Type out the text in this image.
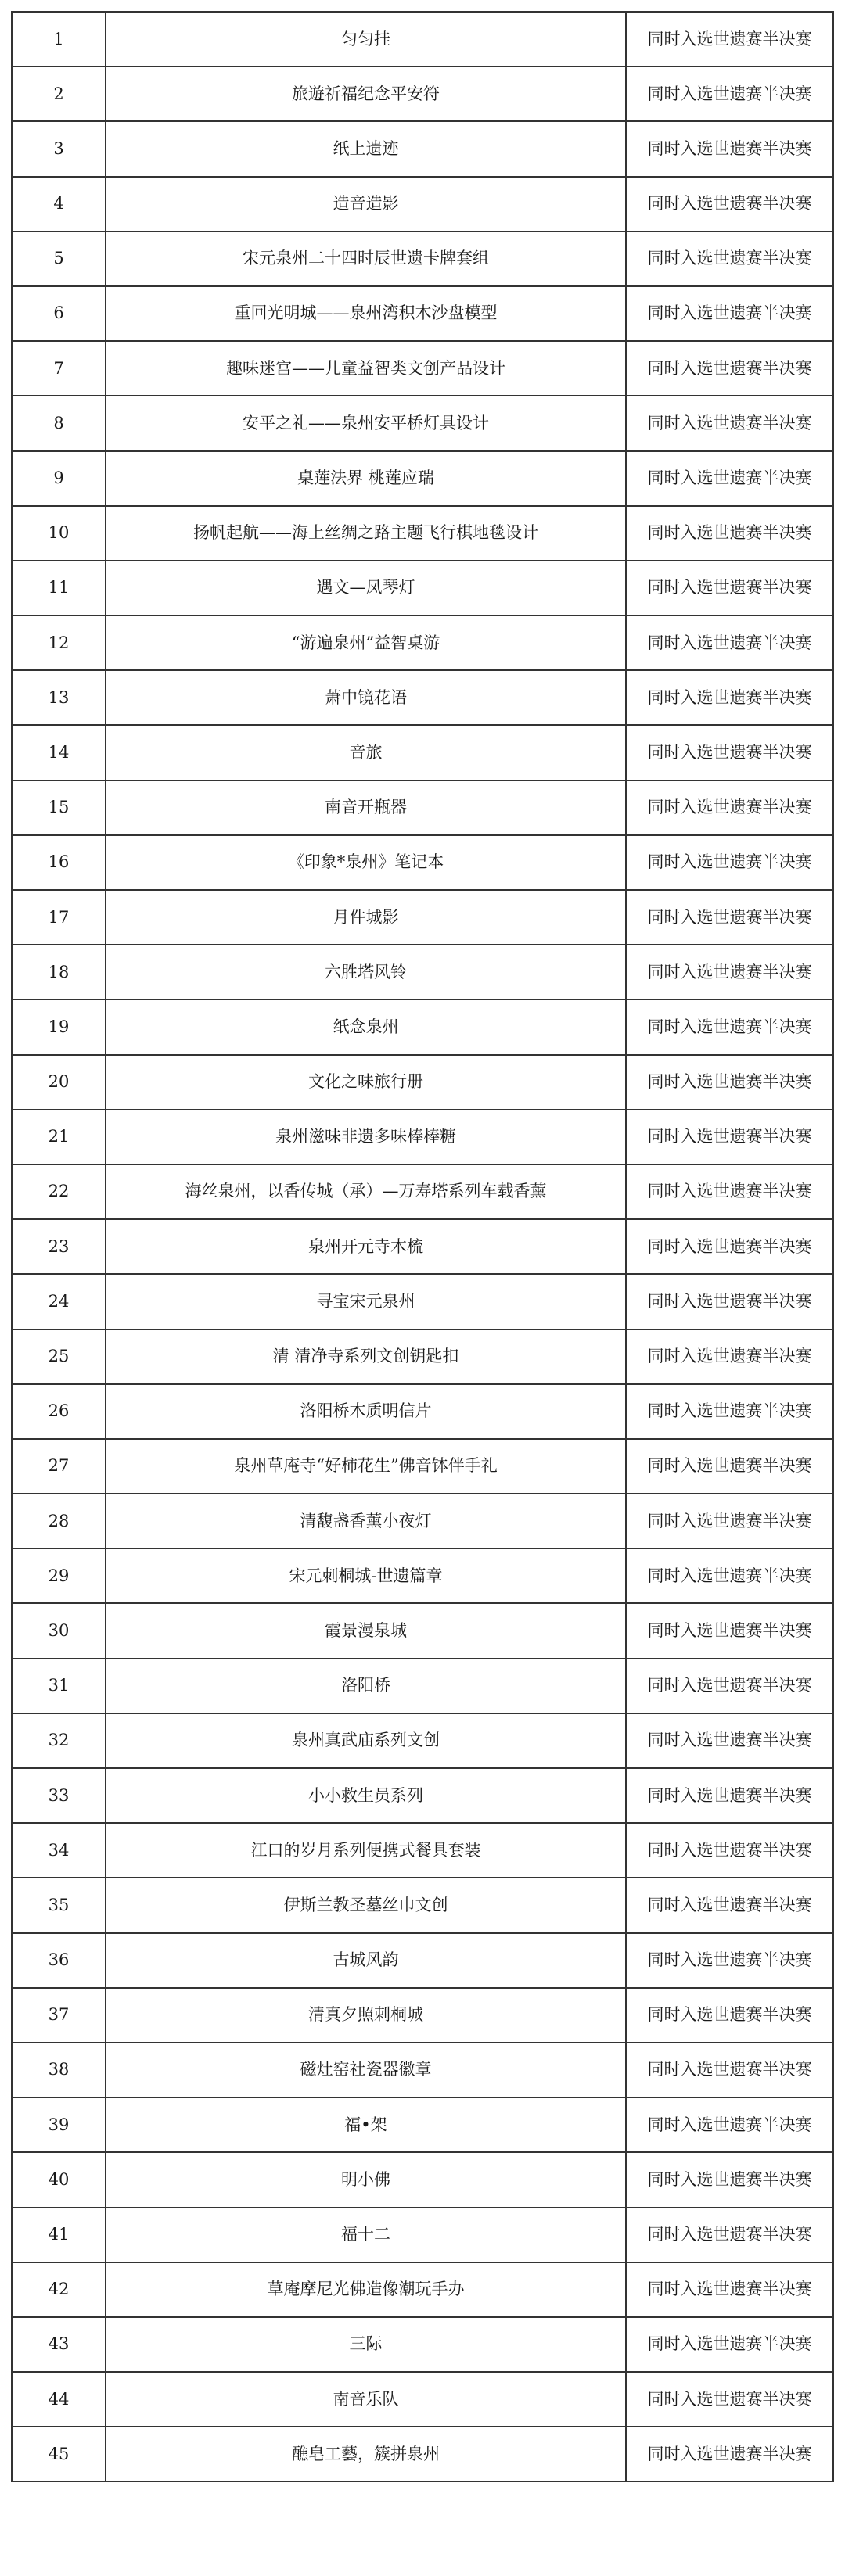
1	匀匀挂	同时入选世遗赛半决赛
2	旅遊祈福纪念平安符	同时入选世遗赛半决赛
3	纸上遗迹	同时入选世遗赛半决赛
4	造音造影	同时入选世遗赛半决赛
5	宋元泉州二十四时辰世遗卡牌套组	同时入选世遗赛半决赛
6	重回光明城——泉州湾积木沙盘模型	同时入选世遗赛半决赛
7	趣味迷宫——儿童益智类文创产品设计	同时入选世遗赛半决赛
8	安平之礼——泉州安平桥灯具设计	同时入选世遗赛半决赛
9	桌莲法界 桃莲应瑞	同时入选世遗赛半决赛
10	扬帆起航——海上丝绸之路主题飞行棋地毯设计	同时入选世遗赛半决赛
11	遇文—凤琴灯	同时入选世遗赛半决赛
12	“游遍泉州”益智桌游	同时入选世遗赛半决赛
13	萧中镜花语	同时入选世遗赛半决赛
14	音旅	同时入选世遗赛半决赛
15	南音开瓶器	同时入选世遗赛半决赛
16	《印象*泉州》笔记本	同时入选世遗赛半决赛
17	月件城影	同时入选世遗赛半决赛
18	六胜塔风铃	同时入选世遗赛半决赛
19	纸念泉州	同时入选世遗赛半决赛
20	文化之味旅行册	同时入选世遗赛半决赛
21	泉州滋味非遗多味棒棒糖	同时入选世遗赛半决赛
22	海丝泉州，以香传城（承）—万寿塔系列车载香薰	同时入选世遗赛半决赛
23	泉州开元寺木梳	同时入选世遗赛半决赛
24	寻宝宋元泉州	同时入选世遗赛半决赛
25	清 清净寺系列文创钥匙扣	同时入选世遗赛半决赛
26	洛阳桥木质明信片	同时入选世遗赛半决赛
27	泉州草庵寺“好柿花生”佛音钵伴手礼	同时入选世遗赛半决赛
28	清馥盏香薰小夜灯	同时入选世遗赛半决赛
29	宋元刺桐城-世遗篇章	同时入选世遗赛半决赛
30	霞景漫泉城	同时入选世遗赛半决赛
31	洛阳桥	同时入选世遗赛半决赛
32	泉州真武庙系列文创	同时入选世遗赛半决赛
33	小小救生员系列	同时入选世遗赛半决赛
34	江口的岁月系列便携式餐具套装	同时入选世遗赛半决赛
35	伊斯兰教圣墓丝巾文创	同时入选世遗赛半决赛
36	古城风韵	同时入选世遗赛半决赛
37	清真夕照刺桐城	同时入选世遗赛半决赛
38	磁灶窑社瓷器徽章	同时入选世遗赛半决赛
39	福•架	同时入选世遗赛半决赛
40	明小佛	同时入选世遗赛半决赛
41	福十二	同时入选世遗赛半决赛
42	草庵摩尼光佛造像潮玩手办	同时入选世遗赛半决赛
43	三际	同时入选世遗赛半决赛
44	南音乐队	同时入选世遗赛半决赛
45	醮皂工藝，簇拼泉州	同时入选世遗赛半决赛
